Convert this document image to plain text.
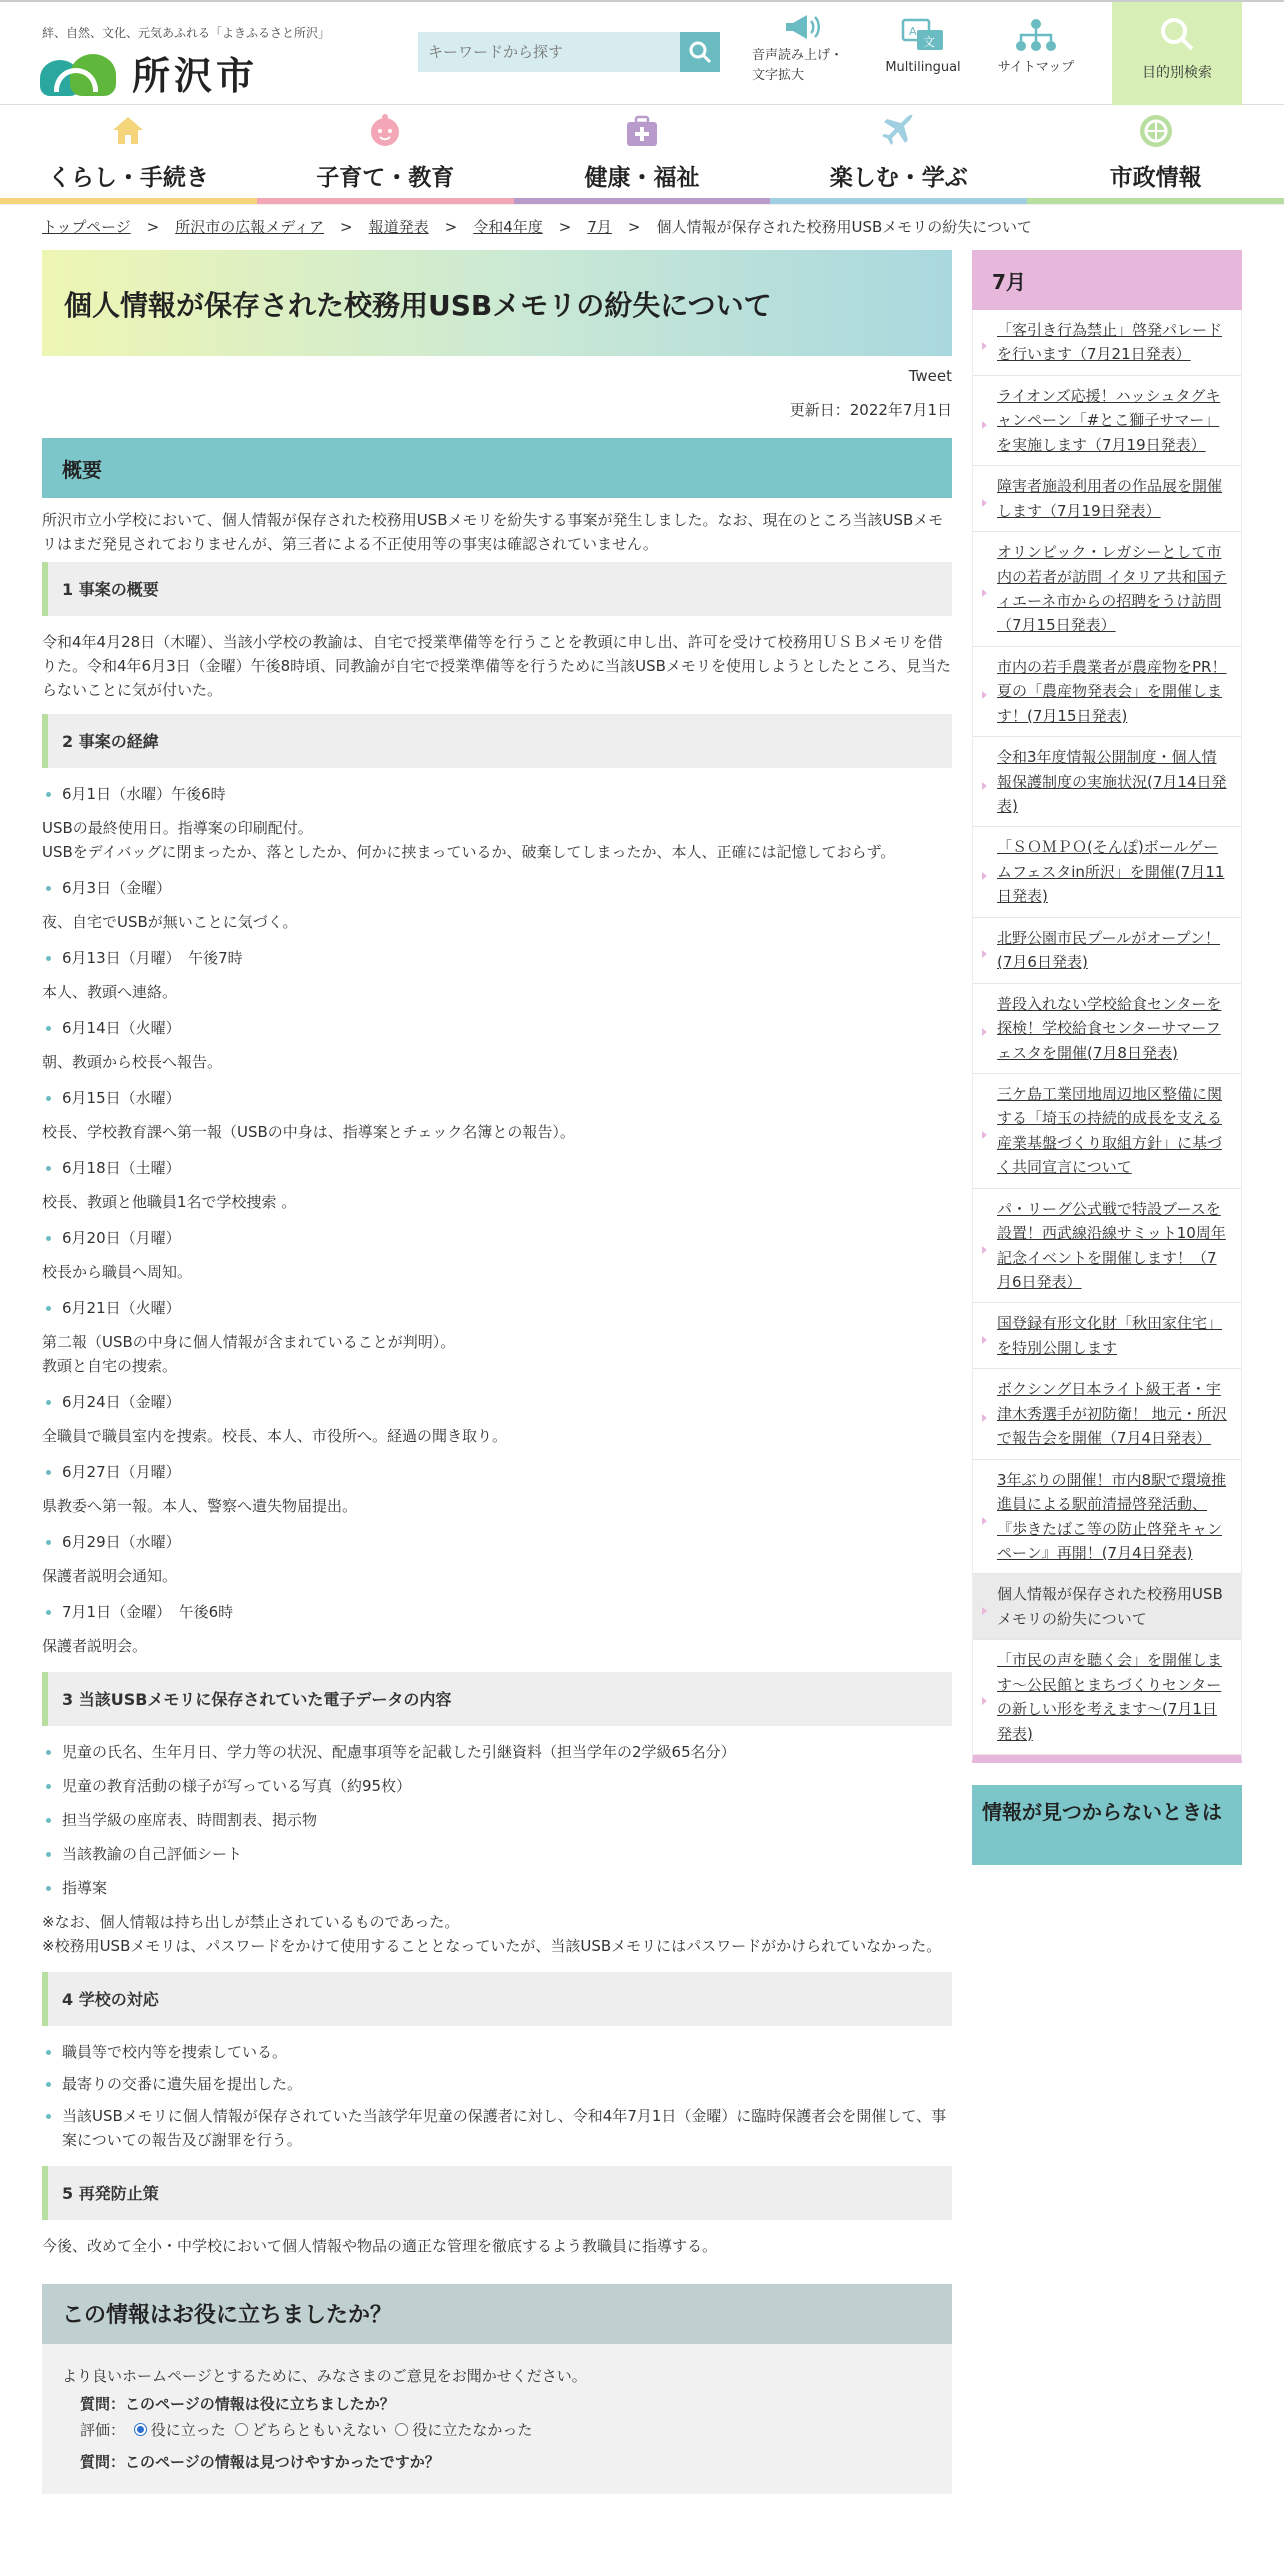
絆、自然、文化、元気あふれる「よきふるさと所沢」
所沢市
キーワードから探す	音声読み上げ・
文字拡大
文
A
Multilingual	サイトマップ	目的別検索
くらし・手続き	子育て・教育	健康・福祉	楽しむ・学ぶ	市政情報
トップページ > 所沢市の広報メディア > 報道発表 > 令和4年度 > 7月 > 個人情報が保存された校務用USBメモリの紛失について
個人情報が保存された校務用USBメモリの紛失について
Tweet
更新日：2022年7月1日
概要

所沢市立小学校において、個人情報が保存された校務用USBメモリを紛失する事案が発生しました。なお、現在のところ当該USBメモリはまだ発見されておりませんが、第三者による不正使用等の事実は確認されていません。

1 事案の概要

令和4年4月28日（木曜）、当該小学校の教諭は、自宅で授業準備等を行うことを教頭に申し出、許可を受けて校務用ＵＳＢメモリを借りた。令和4年6月3日（金曜）午後8時頃、同教諭が自宅で授業準備等を行うために当該USBメモリを使用しようとしたところ、見当たらないことに気が付いた。

2 事案の経緯
6月1日（水曜）午後6時

USBの最終使用日。指導案の印刷配付。
USBをデイバッグに閉まったか、落としたか、何かに挟まっているか、破棄してしまったか、本人、正確には記憶しておらず。

6月3日（金曜）

夜、自宅でUSBが無いことに気づく。

6月13日（月曜）　午後7時

本人、教頭へ連絡。

6月14日（火曜）

朝、教頭から校長へ報告。

6月15日（水曜）

校長、学校教育課へ第一報（USBの中身は、指導案とチェック名簿との報告）。

6月18日（土曜）

校長、教頭と他職員1名で学校捜索 。

6月20日（月曜）

校長から職員へ周知。

6月21日（火曜）

第二報（USBの中身に個人情報が含まれていることが判明）。
教頭と自宅の捜索。

6月24日（金曜）

全職員で職員室内を捜索。校長、本人、市役所へ。経過の聞き取り。

6月27日（月曜）

県教委へ第一報。本人、警察へ遺失物届提出。

6月29日（水曜）

保護者説明会通知。

7月1日（金曜）　午後6時

保護者説明会。

3 当該USBメモリに保存されていた電子データの内容
児童の氏名、生年月日、学力等の状況、配慮事項等を記載した引継資料（担当学年の2学級65名分）
児童の教育活動の様子が写っている写真（約95枚）
担当学級の座席表、時間割表、掲示物
当該教諭の自己評価シート
指導案

※なお、個人情報は持ち出しが禁止されているものであった。

※校務用USBメモリは、パスワードをかけて使用することとなっていたが、当該USBメモリにはパスワードがかけられていなかった。

4 学校の対応
職員等で校内等を捜索している。
最寄りの交番に遺失届を提出した。
当該USBメモリに個人情報が保存されていた当該学年児童の保護者に対し、令和4年7月1日（金曜）に臨時保護者会を開催して、事案についての報告及び謝罪を行う。
5 再発防止策

今後、改めて全小・中学校において個人情報や物品の適正な管理を徹底するよう教職員に指導する。

この情報はお役に立ちましたか？
より良いホームページとするために、みなさまのご意見をお聞かせください。
質問：このページの情報は役に立ちましたか？
評価： 役に立った どちらともいえない 役に立たなかった
質問：このページの情報は見つけやすかったですか？
7月
「客引き行為禁止」啓発パレードを行います（7月21日発表）
ライオンズ応援！ハッシュタグキャンペーン「#とこ獅子サマー」を実施します（7月19日発表）
障害者施設利用者の作品展を開催します（7月19日発表）
オリンピック・レガシーとして市内の若者が訪問 イタリア共和国ティエーネ市からの招聘をうけ訪問（7月15日発表）
市内の若手農業者が農産物をPR！夏の「農産物発表会」を開催します！(7月15日発表)
令和3年度情報公開制度・個人情報保護制度の実施状況(7月14日発表)
「ＳＯＭＰＯ(そんぽ)ボールゲームフェスタin所沢」を開催(7月11日発表)
北野公園市民プールがオープン！(7月6日発表)
普段入れない学校給食センターを探検！学校給食センターサマーフェスタを開催(7月8日発表)
三ケ島工業団地周辺地区整備に関する「埼玉の持続的成長を支える産業基盤づくり取組方針」に基づく共同宣言について
パ・リーグ公式戦で特設ブースを設置！西武線沿線サミット10周年記念イベントを開催します！（7月6日発表）
国登録有形文化財「秋田家住宅」を特別公開します
ボクシング日本ライト級王者・宇津木秀選手が初防衛！ 地元・所沢で報告会を開催（7月4日発表）
3年ぶりの開催！市内8駅で環境推進員による駅前清掃啓発活動、『歩きたばこ等の防止啓発キャンペーン』再開！(7月4日発表)
個人情報が保存された校務用USBメモリの紛失について
「市民の声を聴く会」を開催します～公民館とまちづくりセンターの新しい形を考えます～(7月1日発表)
情報が見つからないときは
